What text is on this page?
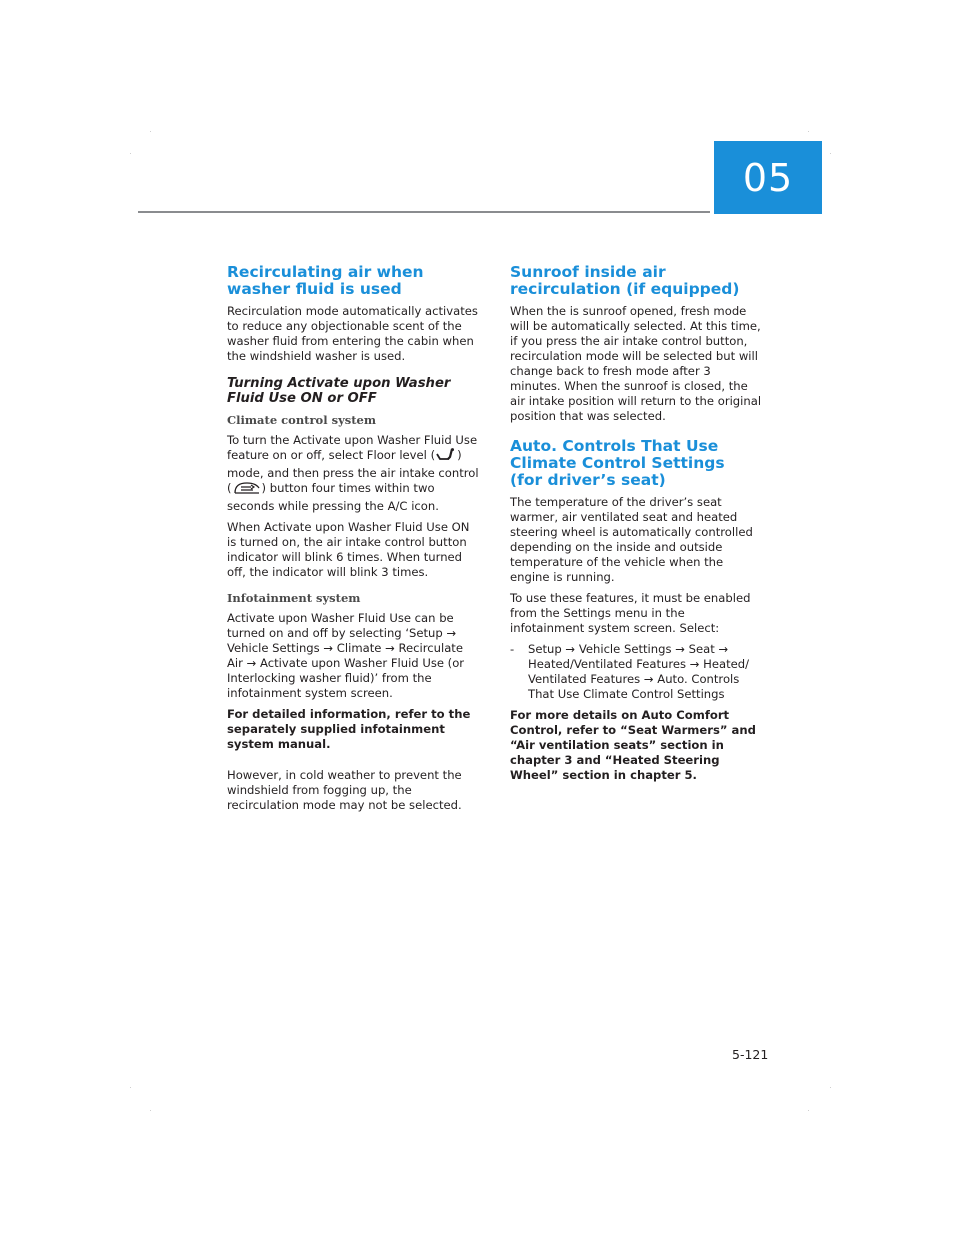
05
Recirculating air when washer fluid is used

Recirculation mode automatically activates to reduce any objectionable scent of the washer fluid from entering the cabin when the windshield washer is used.

Turning Activate upon Washer Fluid Use ON or OFF
Climate control system

To turn the Activate upon Washer Fluid Use feature on or off, select Floor level ( ) mode, and then press the air intake control (	) button four times within two seconds while pressing the A/C icon.

When Activate upon Washer Fluid Use ON is turned on, the air intake control button indicator will blink 6 times. When turned off, the indicator will blink 3 times.

Infotainment system

Activate upon Washer Fluid Use can be turned on and off by selecting ‘Setup → Vehicle Settings → Climate → Recirculate Air → Activate upon Washer Fluid Use (or Interlocking washer fluid)’ from the infotainment system screen.

For detailed information, refer to the separately supplied infotainment system manual.

However, in cold weather to prevent the windshield from fogging up, the recirculation mode may not be selected.

Sunroof inside air recirculation (if equipped)

When the is sunroof opened, fresh mode will be automatically selected. At this time, if you press the air intake control button, recirculation mode will be selected but will change back to fresh mode after 3 minutes. When the sunroof is closed, the air intake position will return to the original position that was selected.

Auto. Controls That Use Climate Control Settings (for driver’s seat)

The temperature of the driver’s seat warmer, air ventilated seat and heated steering wheel is automatically controlled depending on the inside and outside temperature of the vehicle when the engine is running.

To use these features, it must be enabled from the Settings menu in the infotainment system screen. Select:

- Setup → Vehicle Settings → Seat → Heated/Ventilated Features → Heated/ Ventilated Features → Auto. Controls That Use Climate Control Settings

For more details on Auto Comfort Control, refer to “Seat Warmers” and “Air ventilation seats” section in chapter 3 and “Heated Steering Wheel” section in chapter 5.

5-121
